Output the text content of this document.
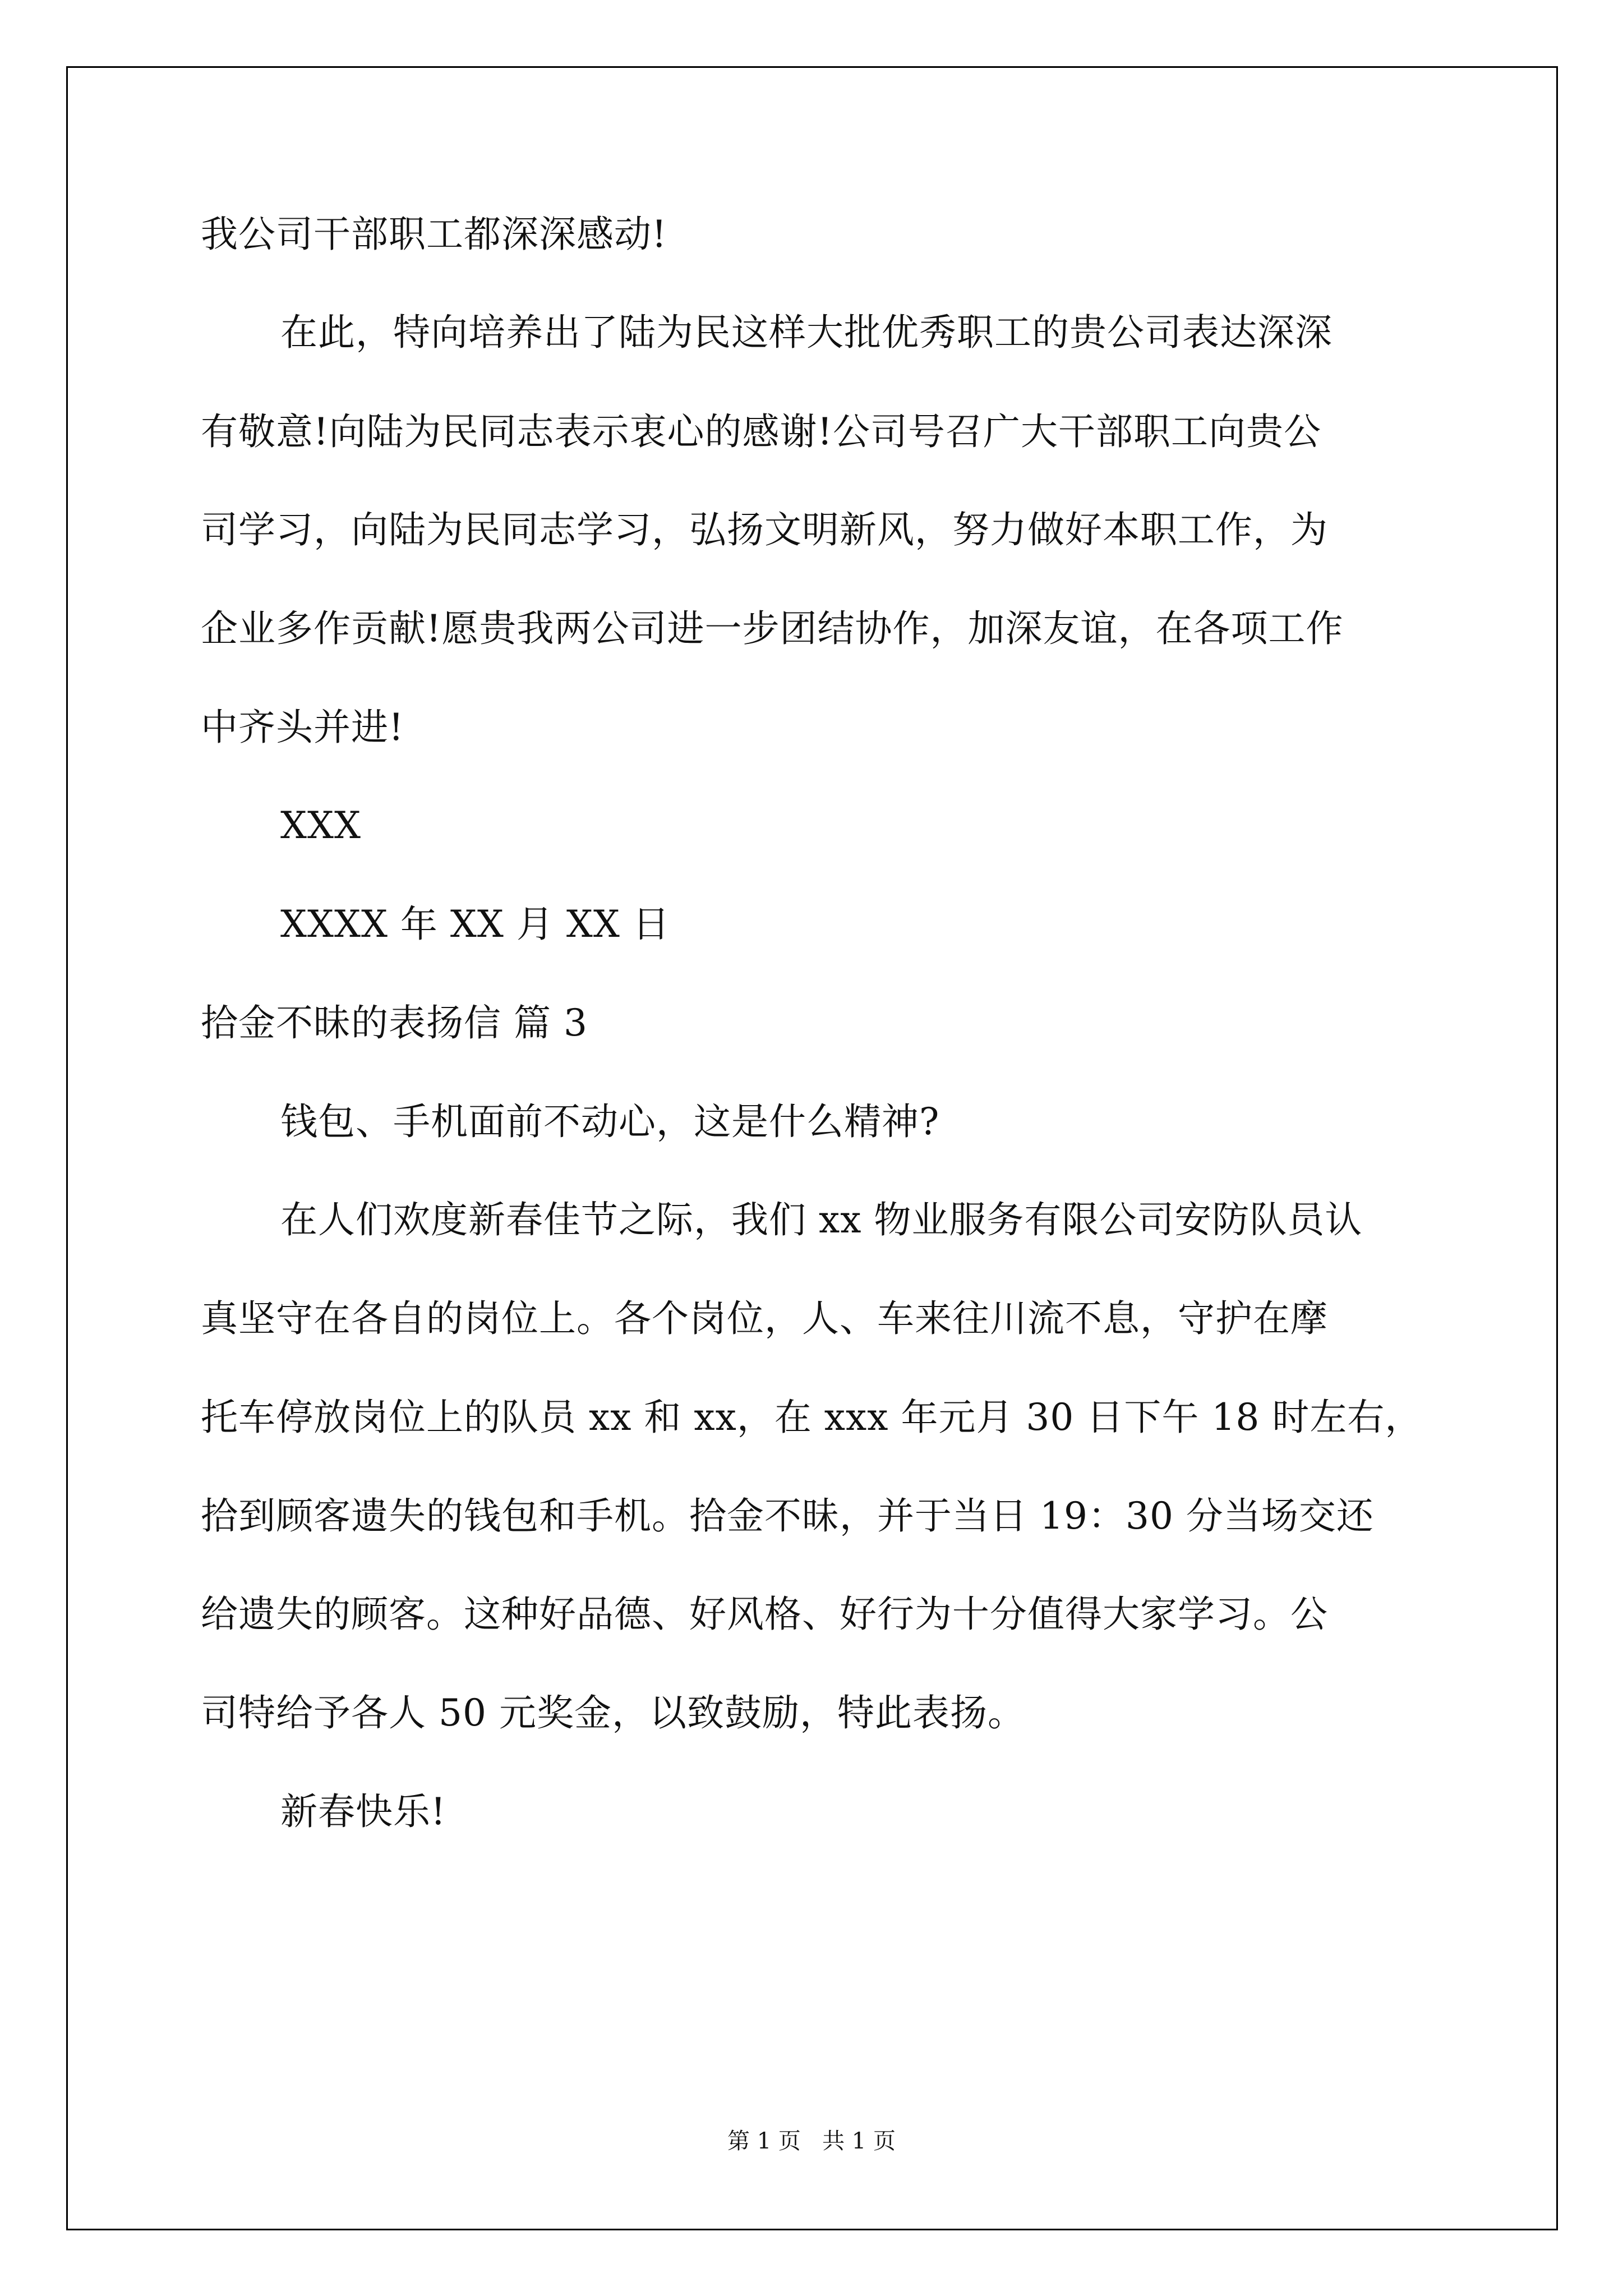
我公司干部职工都深深感动!
在此，特向培养出了陆为民这样大批优秀职工的贵公司表达深深
有敬意!向陆为民同志表示衷心的感谢!公司号召广大干部职工向贵公
司学习，向陆为民同志学习，弘扬文明新风，努力做好本职工作，为
企业多作贡献!愿贵我两公司进一步团结协作，加深友谊，在各项工作
中齐头并进!
XXX
XXXX 年 XX 月 XX 日
拾金不昧的表扬信 篇 3
钱包、手机面前不动心，这是什么精神?
在人们欢度新春佳节之际，我们 xx 物业服务有限公司安防队员认
真坚守在各自的岗位上。各个岗位，人、车来往川流不息，守护在摩
托车停放岗位上的队员 xx 和 xx，在 xxx 年元月 30 日下午 18 时左右，
拾到顾客遗失的钱包和手机。拾金不昧，并于当日 19：30 分当场交还
给遗失的顾客。这种好品德、好风格、好行为十分值得大家学习。公
司特给予各人 50 元奖金，以致鼓励，特此表扬。
新春快乐!
第 1 页   共 1 页
